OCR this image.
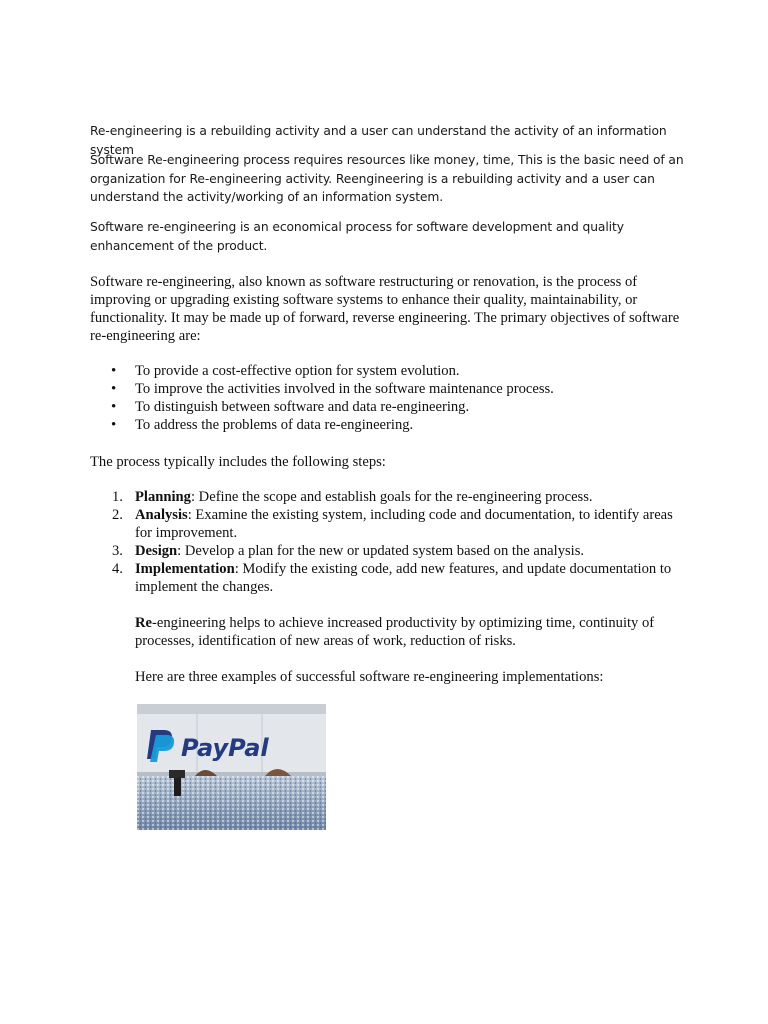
Re-engineering is a rebuilding activity and a user can understand the activity of an information system

Software Re-engineering process requires resources like money, time, This is the basic need of an organization for Re-engineering activity. Reengineering is a rebuilding activity and a user can understand the activity/working of an information system.

Software re-engineering is an economical process for software development and quality enhancement of the product.

Software re-engineering, also known as software restructuring or renovation, is the process of improving or upgrading existing software systems to enhance their quality, maintainability, or functionality. It may be made up of forward, reverse engineering. The primary objectives of software re-engineering are:

• To provide a cost-effective option for system evolution.
• To improve the activities involved in the software maintenance process.
• To distinguish between software and data re-engineering.
• To address the problems of data re-engineering.

The process typically includes the following steps:

1. Planning: Define the scope and establish goals for the re-engineering process.
2. Analysis: Examine the existing system, including code and documentation, to identify areas for improvement.
3. Design: Develop a plan for the new or updated system based on the analysis.
4. Implementation: Modify the existing code, add new features, and update documentation to implement the changes.

Re-engineering helps to achieve increased productivity by optimizing time, continuity of processes, identification of new areas of work, reduction of risks.

Here are three examples of successful software re-engineering implementations:

PayPal
